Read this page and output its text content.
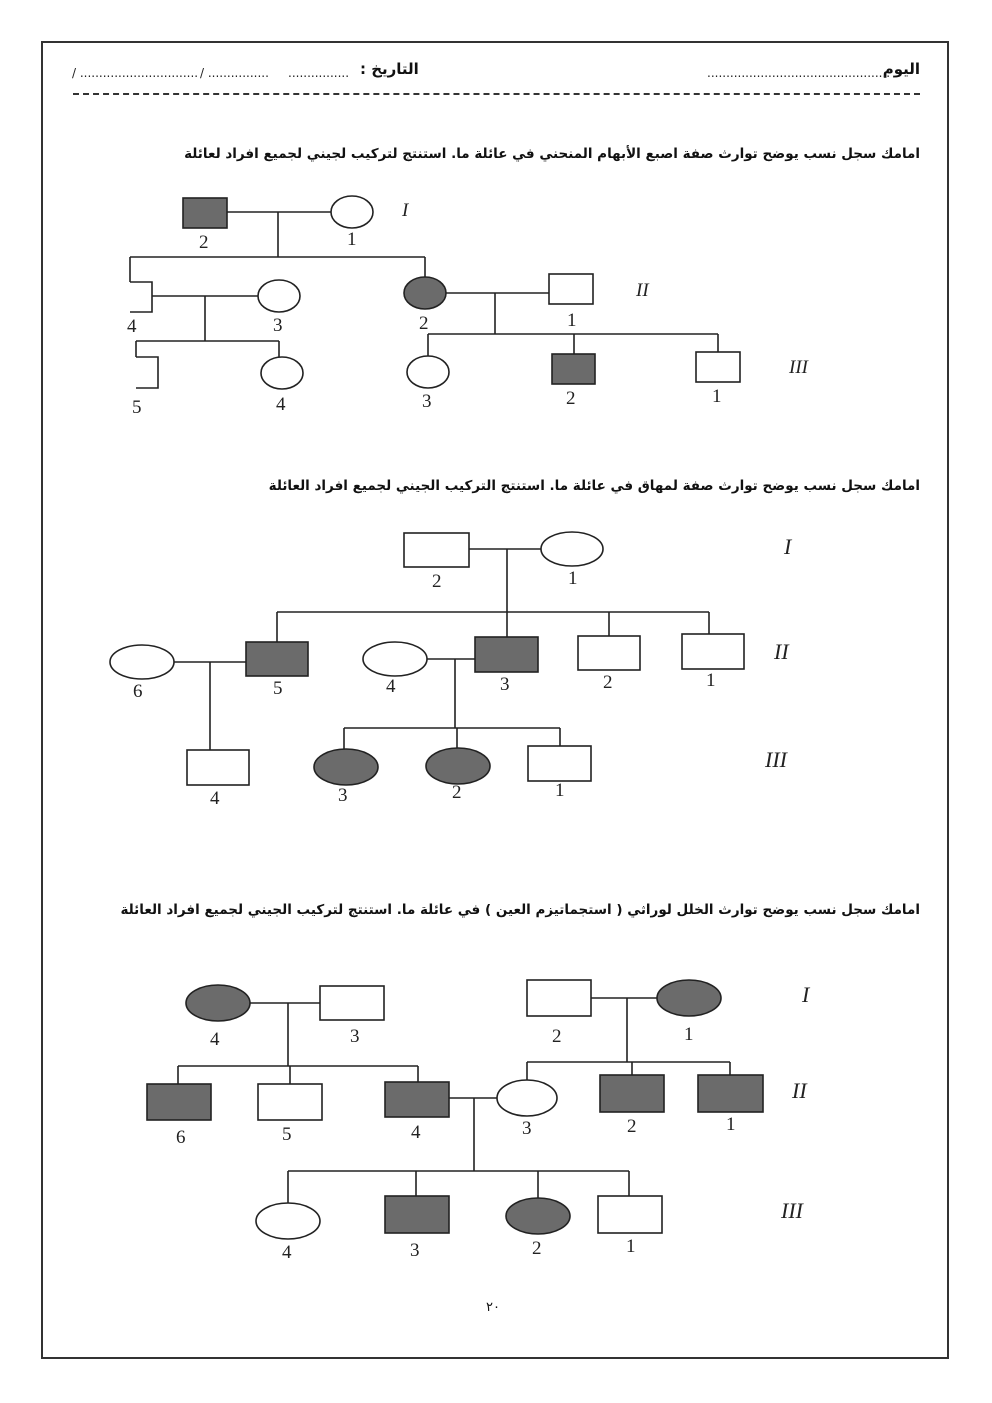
اليوم
................................................
التاريخ :
................
/ ................
/ ...............................
امامك سجل نسب يوضح توارث صفة اصبع الأبهام المنحني في عائلة ما. استنتج لتركيب لجيني لجميع افراد لعائلة
امامك سجل نسب يوضح توارث صفة لمهاق في عائلة ما. استنتج التركيب الجيني لجميع افراد العائلة
امامك سجل نسب يوضح توارث الخلل لوراثي ( استجماتيزم العين ) في عائلة ما. استنتج لتركيب الجيني لجميع افراد العائلة
I
II
III
2	1
4	3	2	1
5	4	3	2	1
I
II
III
2	1
6	5	4	3	2	1
4	3	2	1
I
II
III
4	3	2	1
6	5	4	3	2	1
4	3	2	1
٢٠
